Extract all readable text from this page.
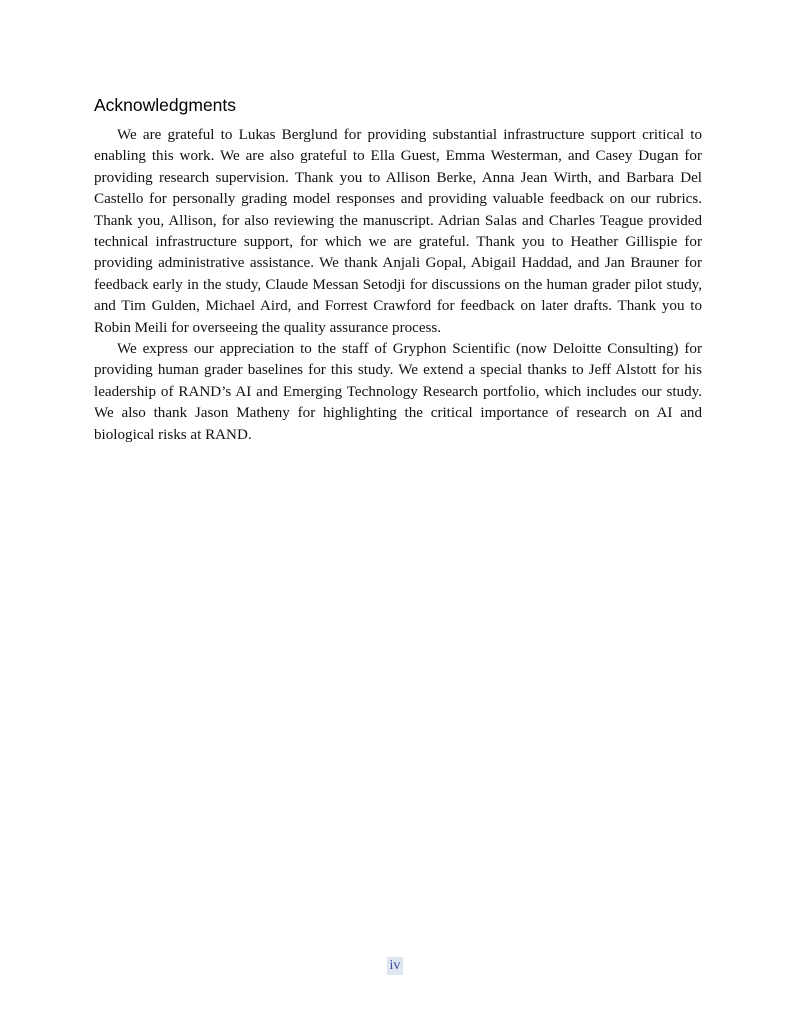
Acknowledgments

We are grateful to Lukas Berglund for providing substantial infrastructure support critical to enabling this work. We are also grateful to Ella Guest, Emma Westerman, and Casey Dugan for providing research supervision. Thank you to Allison Berke, Anna Jean Wirth, and Barbara Del Castello for personally grading model responses and providing valuable feedback on our rubrics. Thank you, Allison, for also reviewing the manuscript. Adrian Salas and Charles Teague provided technical infrastructure support, for which we are grateful. Thank you to Heather Gillispie for providing administrative assistance. We thank Anjali Gopal, Abigail Haddad, and Jan Brauner for feedback early in the study, Claude Messan Setodji for discussions on the human grader pilot study, and Tim Gulden, Michael Aird, and Forrest Crawford for feedback on later drafts. Thank you to Robin Meili for overseeing the quality assurance process.

We express our appreciation to the staff of Gryphon Scientific (now Deloitte Consulting) for providing human grader baselines for this study. We extend a special thanks to Jeff Alstott for his leadership of RAND’s AI and Emerging Technology Research portfolio, which includes our study. We also thank Jason Matheny for highlighting the critical importance of research on AI and biological risks at RAND.

iv
